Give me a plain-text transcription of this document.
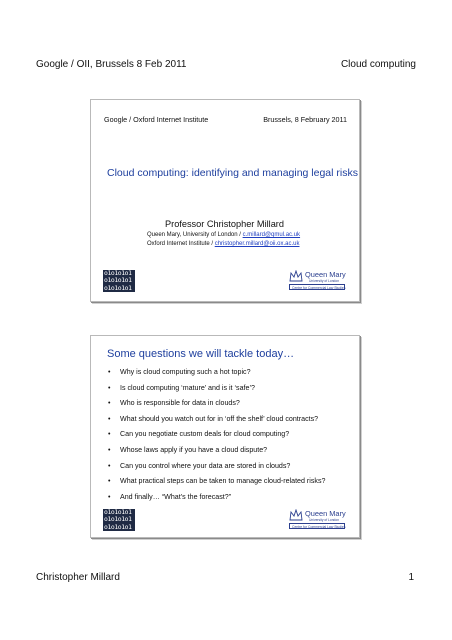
Google / OII, Brussels 8 Feb 2011	Cloud computing
Google / Oxford Internet Institute	Brussels, 8 February 2011
Cloud computing: identifying and managing legal risks
Professor Christopher Millard
Queen Mary, University of London / c.millard@qmul.ac.uk
Oxford Internet Institute / christopher.millard@oii.ox.ac.uk
o1o1o1o1
o1o1o1o1
o1o1o1o1
Queen Mary
University of London
Centre for Commercial Law Studies
Some questions we will tackle today…
• Why is cloud computing such a hot topic?
• Is cloud computing ‘mature’ and is it ‘safe’?
• Who is responsible for data in clouds?
• What should you watch out for in ‘off the shelf’ cloud contracts?
• Can you negotiate custom deals for cloud computing?
• Whose laws apply if you have a cloud dispute?
• Can you control where your data are stored in clouds?
• What practical steps can be taken to manage cloud-related risks?
• And finally… “What’s the forecast?”
o1o1o1o1
o1o1o1o1
o1o1o1o1
Queen Mary
University of London
Centre for Commercial Law Studies
Christopher Millard	1
